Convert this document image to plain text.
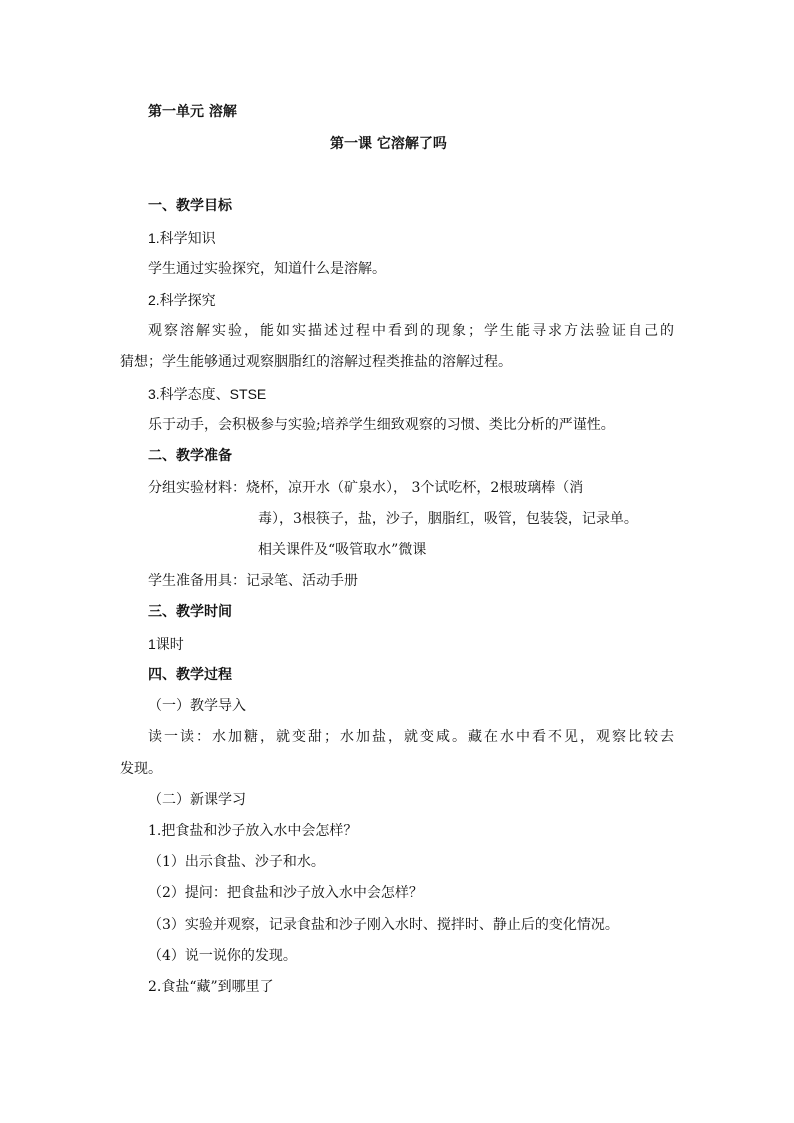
第一单元 溶解
第一课 它溶解了吗
一、教学目标
1.科学知识
学生通过实验探究，知道什么是溶解。
2.科学探究
观察溶解实验，能如实描述过程中看到的现象；学生能寻求方法验证自己的
猜想；学生能够通过观察胭脂红的溶解过程类推盐的溶解过程。
3.科学态度、STSE
乐于动手，会积极参与实验;培养学生细致观察的习惯、类比分析的严谨性。
二、教学准备
分组实验材料：烧杯，凉开水（矿泉水）， 3个试吃杯，2根玻璃棒（消
毒），3根筷子，盐，沙子，胭脂红，吸管，包装袋，记录单。
相关课件及“吸管取水”微课
学生准备用具：记录笔、活动手册
三、教学时间
1课时
四、教学过程
（一）教学导入
读一读：水加糖，就变甜；水加盐，就变咸。藏在水中看不见，观察比较去
发现。
（二）新课学习
1.把食盐和沙子放入水中会怎样？
（1）出示食盐、沙子和水。
（2）提问：把食盐和沙子放入水中会怎样？
（3）实验并观察，记录食盐和沙子刚入水时、搅拌时、静止后的变化情况。
（4）说一说你的发现。
2.食盐“藏”到哪里了
